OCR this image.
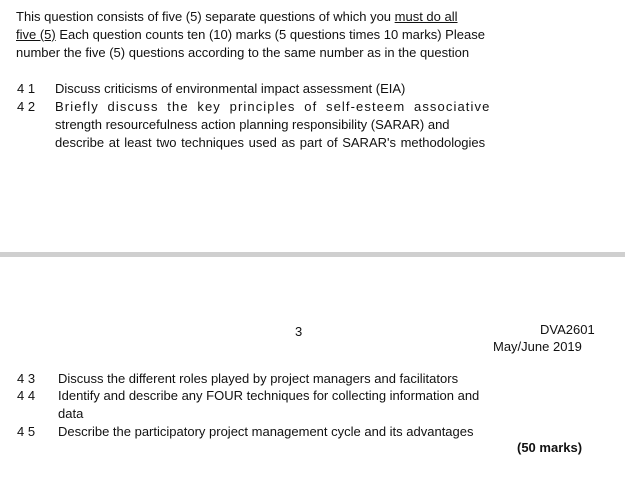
This question consists of five (5) separate questions of which you must do all
five (5) Each question counts ten (10) marks (5 questions times 10 marks) Please
number the five (5) questions according to the same number as in the question

4 1	Discuss criticisms of environmental impact assessment (EIA)
4 2	Briefly discuss the key principles of self-esteem associative
strength resourcefulness action planning responsibility (SARAR) and
describe at least two techniques used as part of SARAR's methodologies
3	DVA2601
May/June 2019
4 3	Discuss the different roles played by project managers and facilitators
4 4	Identify and describe any FOUR techniques for collecting information and
data
4 5	Describe the participatory project management cycle and its advantages
(50 marks)
